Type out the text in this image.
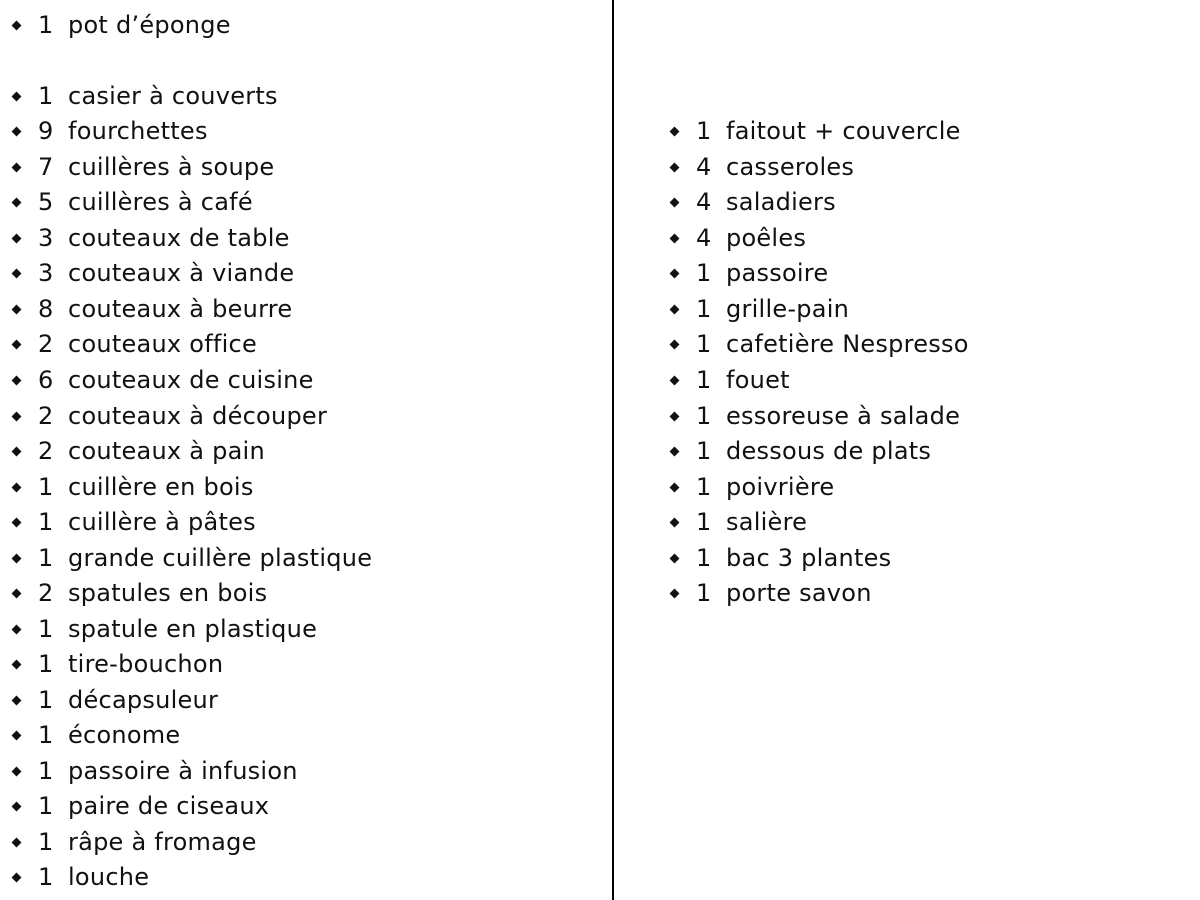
1 pot d’éponge
1 casier à couverts
9 fourchettes
7 cuillères à soupe
5 cuillères à café
3 couteaux de table
3 couteaux à viande
8 couteaux à beurre
2 couteaux office
6 couteaux de cuisine
2 couteaux à découper
2 couteaux à pain
1 cuillère en bois
1 cuillère à pâtes
1 grande cuillère plastique
2 spatules en bois
1 spatule en plastique
1 tire-bouchon
1 décapsuleur
1 économe
1 passoire à infusion
1 paire de ciseaux
1 râpe à fromage
1 louche
1 faitout + couvercle
4 casseroles
4 saladiers
4 poêles
1 passoire
1 grille-pain
1 cafetière Nespresso
1 fouet
1 essoreuse à salade
1 dessous de plats
1 poivrière
1 salière
1 bac 3 plantes
1 porte savon
